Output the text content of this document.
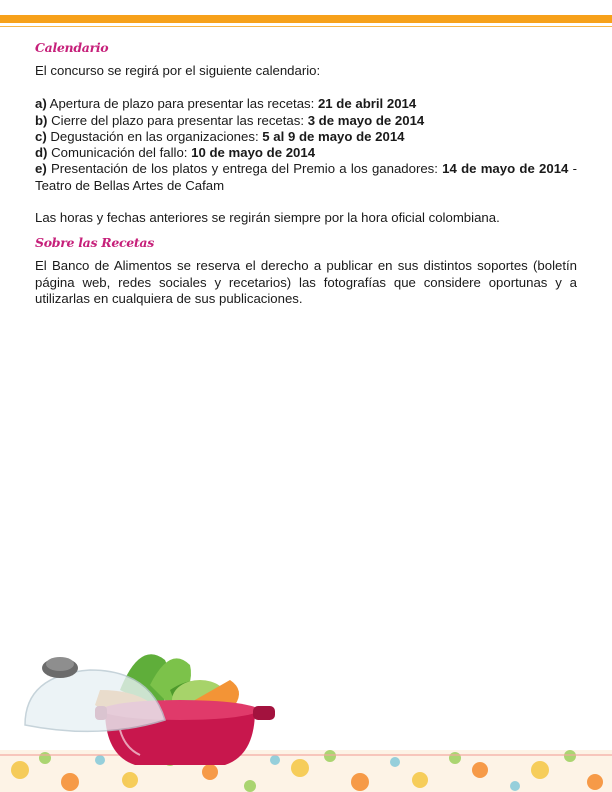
Calendario

El concurso se regirá por el siguiente calendario:

a) Apertura de plazo para presentar las recetas: 21 de abril 2014

b) Cierre del plazo para presentar las recetas: 3 de mayo de 2014

c) Degustación en las organizaciones: 5 al 9 de mayo de 2014

d) Comunicación del fallo: 10 de mayo de 2014

e) Presentación de los platos y entrega del Premio a los ganadores: 14 de mayo de 2014 - Teatro de Bellas Artes de Cafam

Las horas y fechas anteriores se regirán siempre por la hora oficial colombiana.

Sobre las Recetas

El Banco de Alimentos se reserva el derecho a publicar en sus distintos soportes (boletín página web, redes sociales y recetarios) las fotografías que considere oportunas y a utilizarlas en cualquiera de sus publicaciones.
